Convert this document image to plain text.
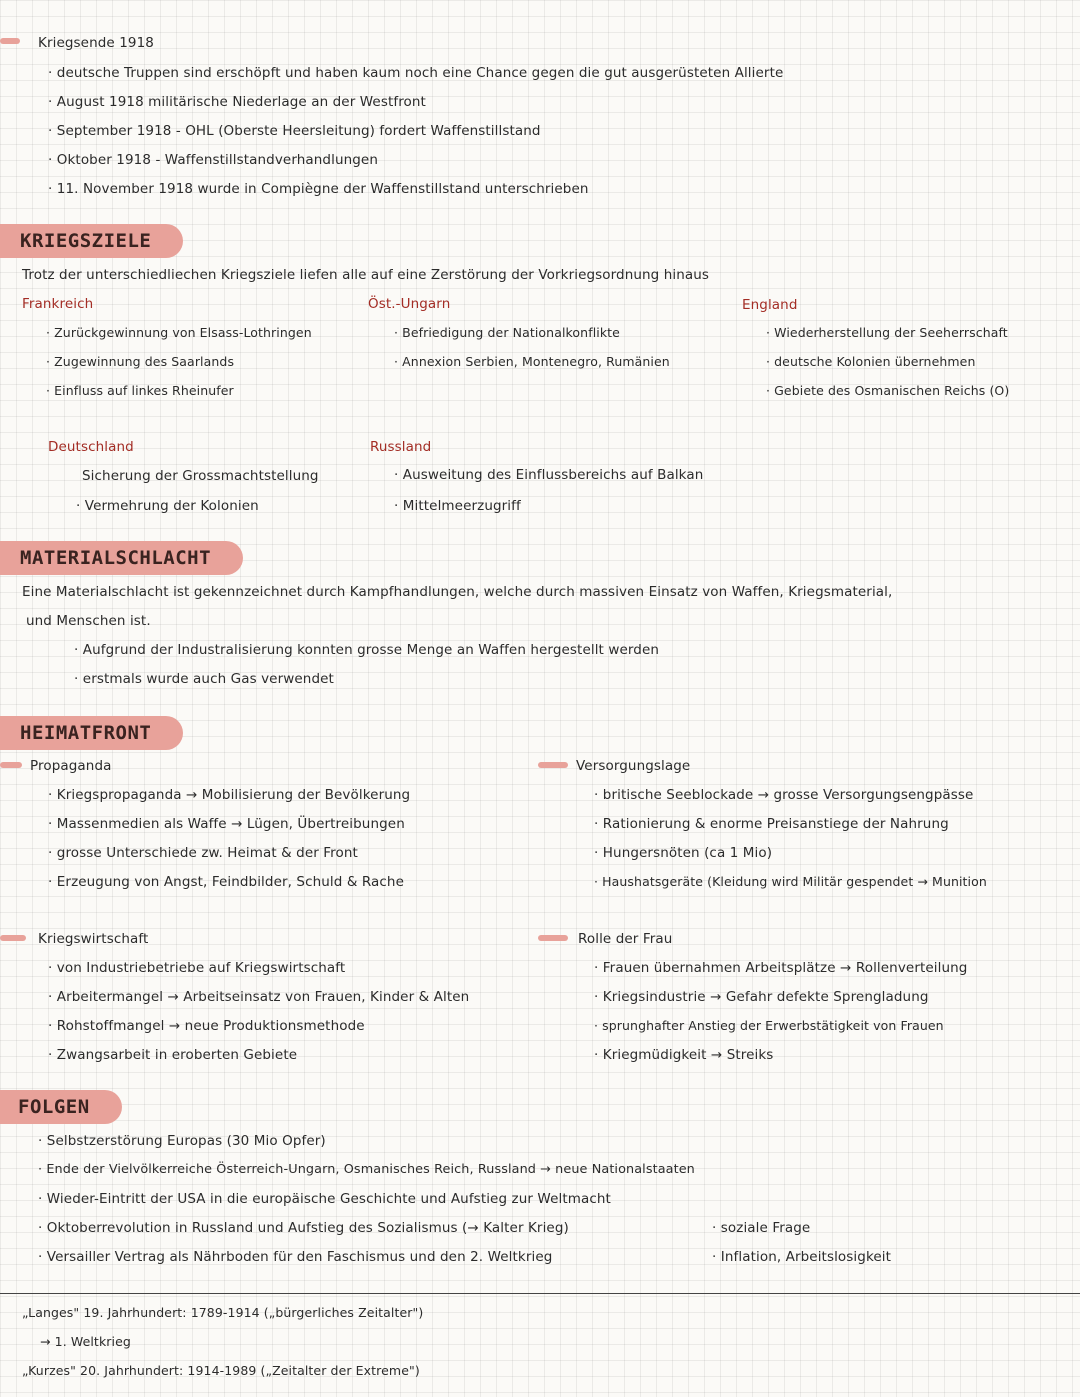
Kriegsende 1918
· deutsche Truppen sind erschöpft und haben kaum noch eine Chance gegen die gut ausgerüsteten Allierte
· August 1918 militärische Niederlage an der Westfront
· September 1918 - OHL (Oberste Heersleitung) fordert Waffenstillstand
· Oktober 1918 - Waffenstillstandverhandlungen
· 11. November 1918 wurde in Compiègne der Waffenstillstand unterschrieben
KRIEGSZIELE
Trotz der unterschiedliechen Kriegsziele liefen alle auf eine Zerstörung der Vorkriegsordnung hinaus
Frankreich
· Zurückgewinnung von Elsass-Lothringen
· Zugewinnung des Saarlands
· Einfluss auf linkes Rheinufer
Öst.-Ungarn
· Befriedigung der Nationalkonflikte
· Annexion Serbien, Montenegro, Rumänien
England
· Wiederherstellung der Seeherrschaft
· deutsche Kolonien übernehmen
· Gebiete des Osmanischen Reichs (O)
Deutschland
Sicherung der Grossmachtstellung
· Vermehrung der Kolonien
Russland
· Ausweitung des Einflussbereichs auf Balkan
· Mittelmeerzugriff
MATERIALSCHLACHT
Eine Materialschlacht ist gekennzeichnet durch Kampfhandlungen, welche durch massiven Einsatz von Waffen, Kriegsmaterial,
und Menschen ist.
· Aufgrund der Industralisierung konnten grosse Menge an Waffen hergestellt werden
· erstmals wurde auch Gas verwendet
HEIMATFRONT
Propaganda
· Kriegspropaganda → Mobilisierung der Bevölkerung
· Massenmedien als Waffe → Lügen, Übertreibungen
· grosse Unterschiede zw. Heimat & der Front
· Erzeugung von Angst, Feindbilder, Schuld & Rache
Versorgungslage
· britische Seeblockade → grosse Versorgungsengpässe
· Rationierung & enorme Preisanstiege der Nahrung
· Hungersnöten (ca 1 Mio)
· Haushatsgeräte (Kleidung wird Militär gespendet → Munition
Kriegswirtschaft
· von Industriebetriebe auf Kriegswirtschaft
· Arbeitermangel → Arbeitseinsatz von Frauen, Kinder & Alten
· Rohstoffmangel → neue Produktionsmethode
· Zwangsarbeit in eroberten Gebiete
Rolle der Frau
· Frauen übernahmen Arbeitsplätze → Rollenverteilung
· Kriegsindustrie → Gefahr defekte Sprengladung
· sprunghafter Anstieg der Erwerbstätigkeit von Frauen
· Kriegmüdigkeit → Streiks
FOLGEN
· Selbstzerstörung Europas (30 Mio Opfer)
· Ende der Vielvölkerreiche Österreich-Ungarn, Osmanisches Reich, Russland → neue Nationalstaaten
· Wieder-Eintritt der USA in die europäische Geschichte und Aufstieg zur Weltmacht
· Oktoberrevolution in Russland und Aufstieg des Sozialismus (→ Kalter Krieg)
· Versailler Vertrag als Nährboden für den Faschismus und den 2. Weltkrieg
· soziale Frage
· Inflation, Arbeitslosigkeit
„Langes" 19. Jahrhundert: 1789-1914 („bürgerliches Zeitalter")
→ 1. Weltkrieg
„Kurzes" 20. Jahrhundert: 1914-1989 („Zeitalter der Extreme")
